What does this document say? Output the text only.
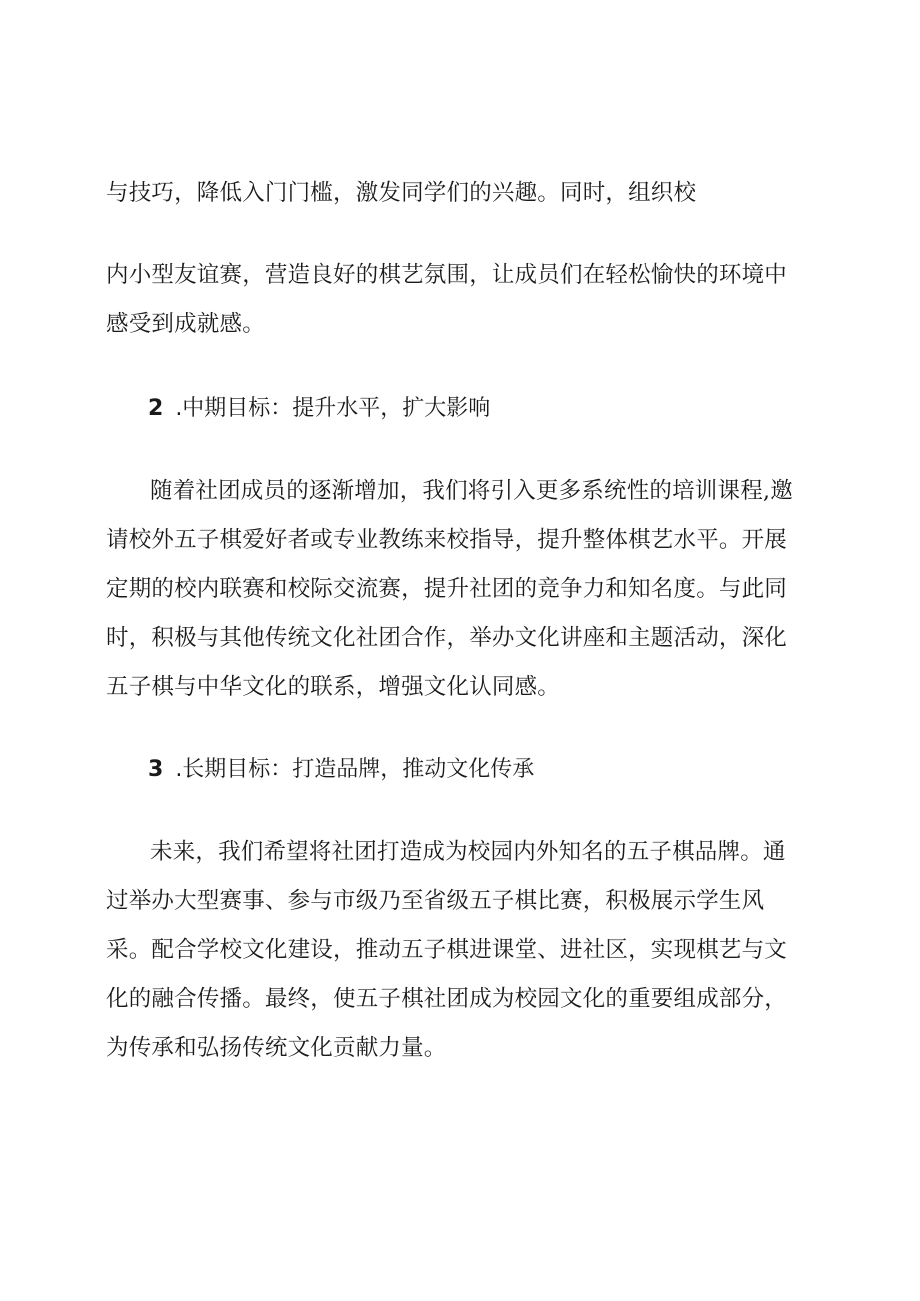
与技巧，降低入门门槛，激发同学们的兴趣。同时，组织校
内小型友谊赛，营造良好的棋艺氛围，让成员们在轻松愉快的环境中
感受到成就感。
2 .中期目标：提升水平，扩大影响
随着社团成员的逐渐增加，我们将引入更多系统性的培训课程,邀
请校外五子棋爱好者或专业教练来校指导，提升整体棋艺水平。开展
定期的校内联赛和校际交流赛，提升社团的竞争力和知名度。与此同
时，积极与其他传统文化社团合作，举办文化讲座和主题活动，深化
五子棋与中华文化的联系，增强文化认同感。
3 .长期目标：打造品牌，推动文化传承
未来，我们希望将社团打造成为校园内外知名的五子棋品牌。通
过举办大型赛事、参与市级乃至省级五子棋比赛，积极展示学生风
采。配合学校文化建设，推动五子棋进课堂、进社区，实现棋艺与文
化的融合传播。最终，使五子棋社团成为校园文化的重要组成部分，
为传承和弘扬传统文化贡献力量。
